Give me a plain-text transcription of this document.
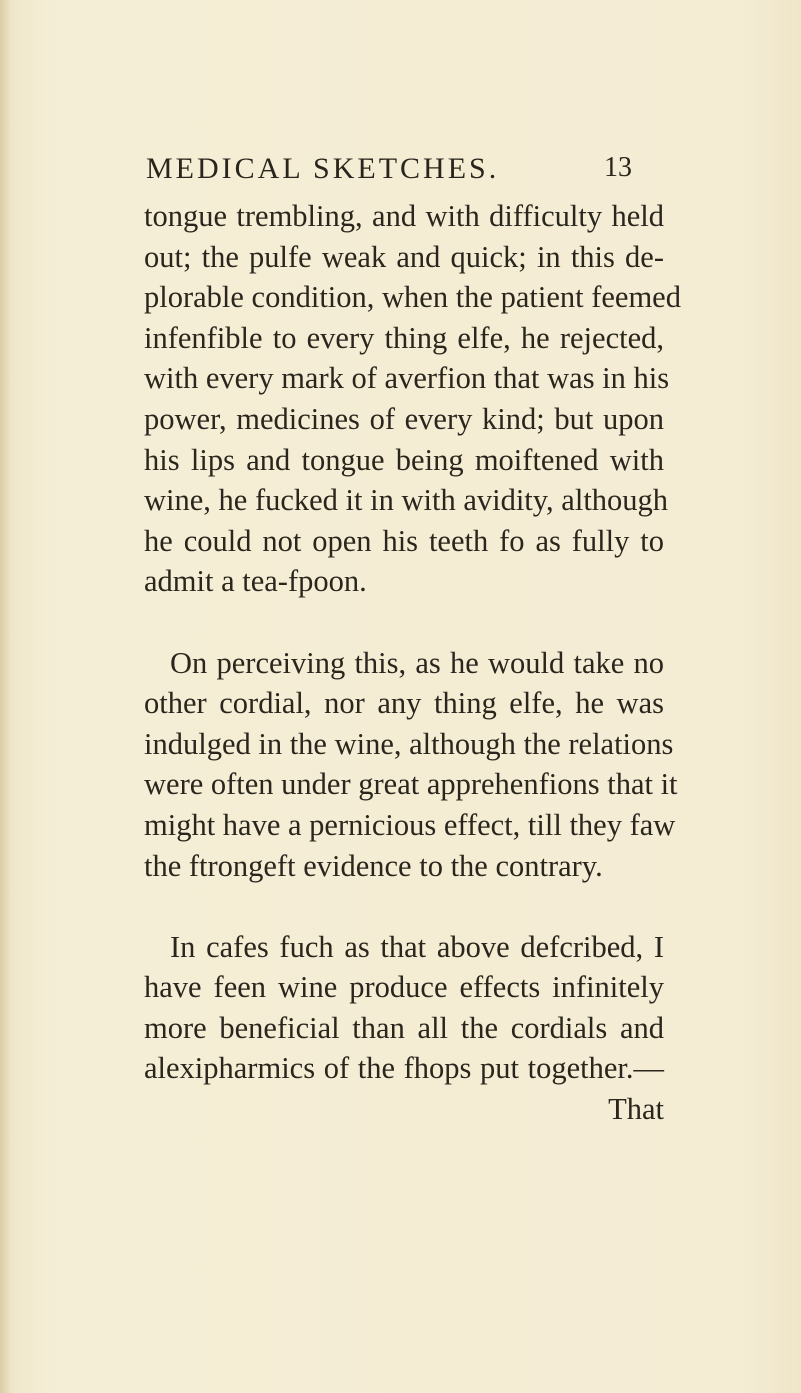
MEDICAL SKETCHES.	13
tongue trembling, and with difficulty held
out; the pulfe weak and quick; in this de-
plorable condition, when the patient feemed
infenfible to every thing elfe, he rejected,
with every mark of averfion that was in his
power, medicines of every kind; but upon
his lips and tongue being moiftened with
wine, he fucked it in with avidity, although
he could not open his teeth fo as fully to
admit a tea-fpoon.
On perceiving this, as he would take no
other cordial, nor any thing elfe, he was
indulged in the wine, although the relations
were often under great apprehenfions that it
might have a pernicious effect, till they faw
the ftrongeft evidence to the contrary.
In cafes fuch as that above defcribed, I
have feen wine produce effects infinitely
more beneficial than all the cordials and
alexipharmics of the fhops put together.—
That
